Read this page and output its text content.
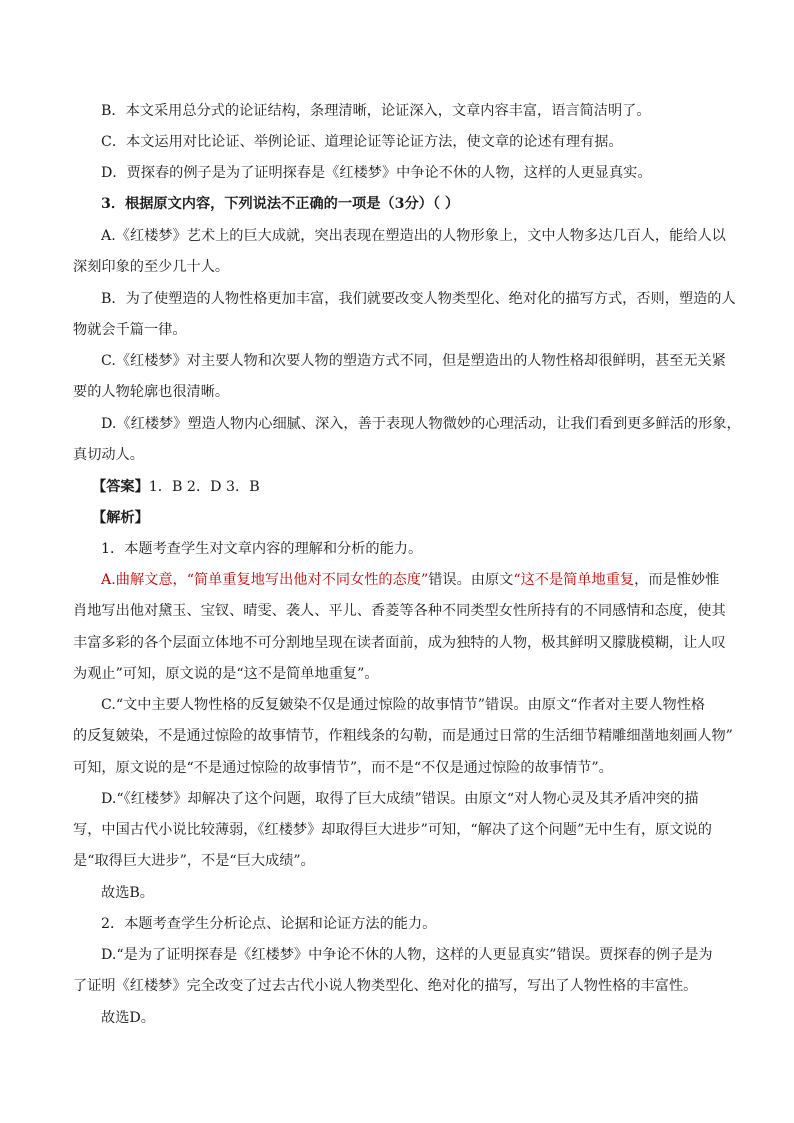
B．本文采用总分式的论证结构，条理清晰，论证深入，文章内容丰富，语言简洁明了。
C．本文运用对比论证、举例论证、道理论证等论证方法，使文章的论述有理有据。
D．贾探春的例子是为了证明探春是《红楼梦》中争论不休的人物，这样的人更显真实。
3．根据原文内容，下列说法不正确的一项是（3分）（ ）
A.《红楼梦》艺术上的巨大成就，突出表现在塑造出的人物形象上，文中人物多达几百人，能给人以
深刻印象的至少几十人。
B．为了使塑造的人物性格更加丰富，我们就要改变人物类型化、绝对化的描写方式，否则，塑造的人
物就会千篇一律。
C.《红楼梦》对主要人物和次要人物的塑造方式不同，但是塑造出的人物性格却很鲜明，甚至无关紧
要的人物轮廓也很清晰。
D.《红楼梦》塑造人物内心细腻、深入，善于表现人物微妙的心理活动，让我们看到更多鲜活的形象，
真切动人。
【答案】1．B 2．D 3．B
【解析】
1．本题考查学生对文章内容的理解和分析的能力。
A.曲解文意，“简单重复地写出他对不同女性的态度”错误。由原文“这不是简单地重复，而是惟妙惟
肖地写出他对黛玉、宝钗、晴雯、袭人、平儿、香菱等各种不同类型女性所持有的不同感情和态度，使其
丰富多彩的各个层面立体地不可分割地呈现在读者面前，成为独特的人物，极其鲜明又朦胧模糊，让人叹
为观止”可知，原文说的是“这不是简单地重复”。
C.“文中主要人物性格的反复皴染不仅是通过惊险的故事情节”错误。由原文“作者对主要人物性格
的反复皴染，不是通过惊险的故事情节，作粗线条的勾勒，而是通过日常的生活细节精雕细凿地刻画人物”
可知，原文说的是“不是通过惊险的故事情节”，而不是“不仅是通过惊险的故事情节”。
D.“《红楼梦》却解决了这个问题，取得了巨大成绩”错误。由原文“对人物心灵及其矛盾冲突的描
写，中国古代小说比较薄弱，《红楼梦》却取得巨大进步”可知，“解决了这个问题”无中生有，原文说的
是“取得巨大进步”，不是“巨大成绩”。
故选B。
2．本题考查学生分析论点、论据和论证方法的能力。
D.“是为了证明探春是《红楼梦》中争论不休的人物，这样的人更显真实”错误。贾探春的例子是为
了证明《红楼梦》完全改变了过去古代小说人物类型化、绝对化的描写，写出了人物性格的丰富性。
故选D。
